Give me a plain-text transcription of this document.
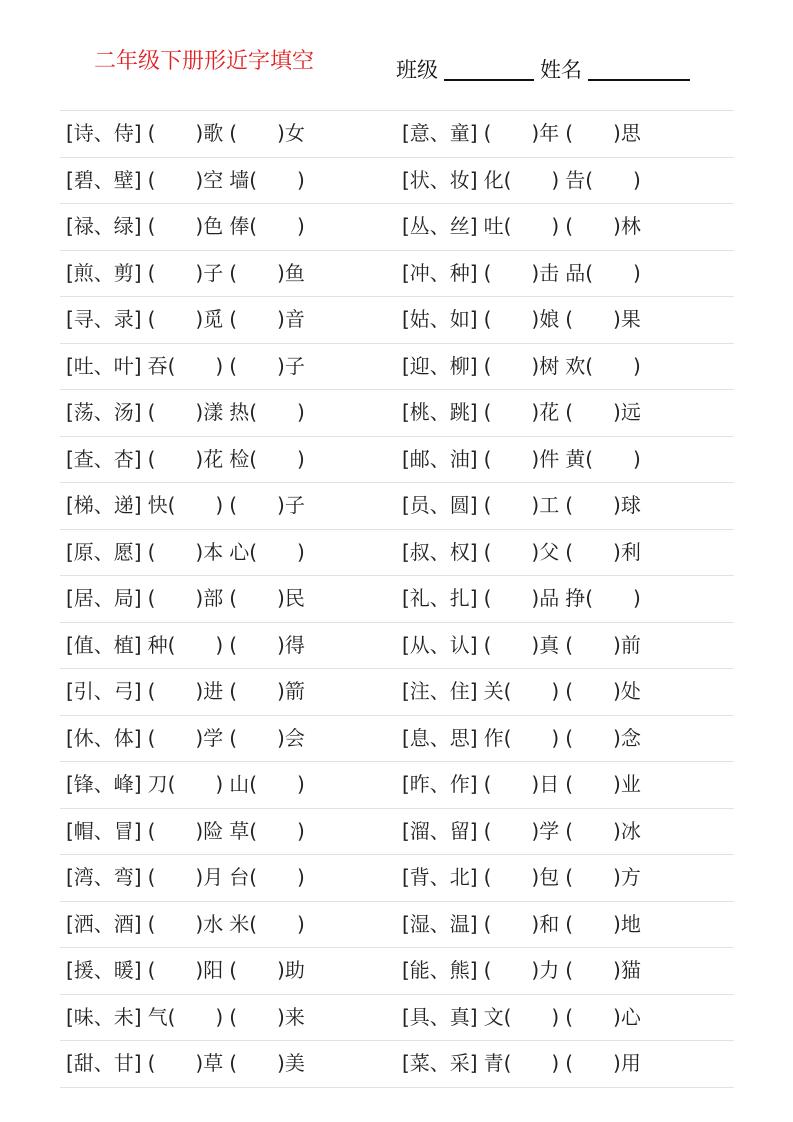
二年级下册形近字填空	班级	姓名
[诗、侍] (　　)歌 (　　)女	[意、童] (　　)年 (　　)思
[碧、壁] (　　)空 墙(　　)	[状、妆] 化(　　) 告(　　)
[禄、绿] (　　)色 俸(　　)	[丛、丝] 吐(　　) (　　)林
[煎、剪] (　　)子 (　　)鱼	[冲、种] (　　)击 品(　　)
[寻、录] (　　)觅 (　　)音	[姑、如] (　　)娘 (　　)果
[吐、叶] 吞(　　) (　　)子	[迎、柳] (　　)树 欢(　　)
[荡、汤] (　　)漾 热(　　)	[桃、跳] (　　)花 (　　)远
[查、杏] (　　)花 检(　　)	[邮、油] (　　)件 黄(　　)
[梯、递] 快(　　) (　　)子	[员、圆] (　　)工 (　　)球
[原、愿] (　　)本 心(　　)	[叔、权] (　　)父 (　　)利
[居、局] (　　)部 (　　)民	[礼、扎] (　　)品 挣(　　)
[值、植] 种(　　) (　　)得	[从、认] (　　)真 (　　)前
[引、弓] (　　)进 (　　)箭	[注、住] 关(　　) (　　)处
[休、体] (　　)学 (　　)会	[息、思] 作(　　) (　　)念
[锋、峰] 刀(　　) 山(　　)	[昨、作] (　　)日 (　　)业
[帽、冒] (　　)险 草(　　)	[溜、留] (　　)学 (　　)冰
[湾、弯] (　　)月 台(　　)	[背、北] (　　)包 (　　)方
[洒、酒] (　　)水 米(　　)	[湿、温] (　　)和 (　　)地
[援、暖] (　　)阳 (　　)助	[能、熊] (　　)力 (　　)猫
[味、未] 气(　　) (　　)来	[具、真] 文(　　) (　　)心
[甜、甘] (　　)草 (　　)美	[菜、采] 青(　　) (　　)用
